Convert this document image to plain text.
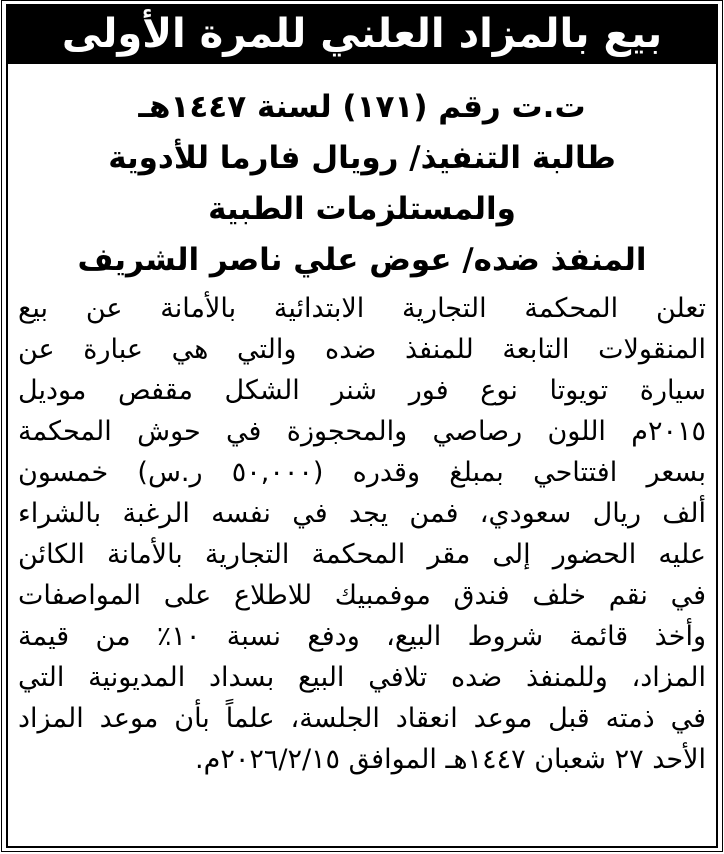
بيع بالمزاد العلني للمرة الأولى
ت.ت رقم (١٧١) لسنة ١٤٤٧هـ
طالبة التنفيذ/ رويال فارما للأدوية
والمستلزمات الطبية
المنفذ ضده/ عوض علي ناصر الشريف
تعلن المحكمة التجارية الابتدائية بالأمانة عن بيع
المنقولات التابعة للمنفذ ضده والتي هي عبارة عن
سيارة تويوتا نوع فور شنر الشكل مقفص موديل
٢٠١٥م اللون رصاصي والمحجوزة في حوش المحكمة
بسعر افتتاحي بمبلغ وقدره (٥٠,٠٠٠ ر.س) خمسون
ألف ريال سعودي، فمن يجد في نفسه الرغبة بالشراء
عليه الحضور إلى مقر المحكمة التجارية بالأمانة الكائن
في نقم خلف فندق موفمبيك للاطلاع على المواصفات
وأخذ قائمة شروط البيع، ودفع نسبة ١٠٪ من قيمة
المزاد، وللمنفذ ضده تلافي البيع بسداد المديونية التي
في ذمته قبل موعد انعقاد الجلسة، علماً بأن موعد المزاد
الأحد ٢٧ شعبان ١٤٤٧هـ الموافق ٢٠٢٦/٢/١٥م.
